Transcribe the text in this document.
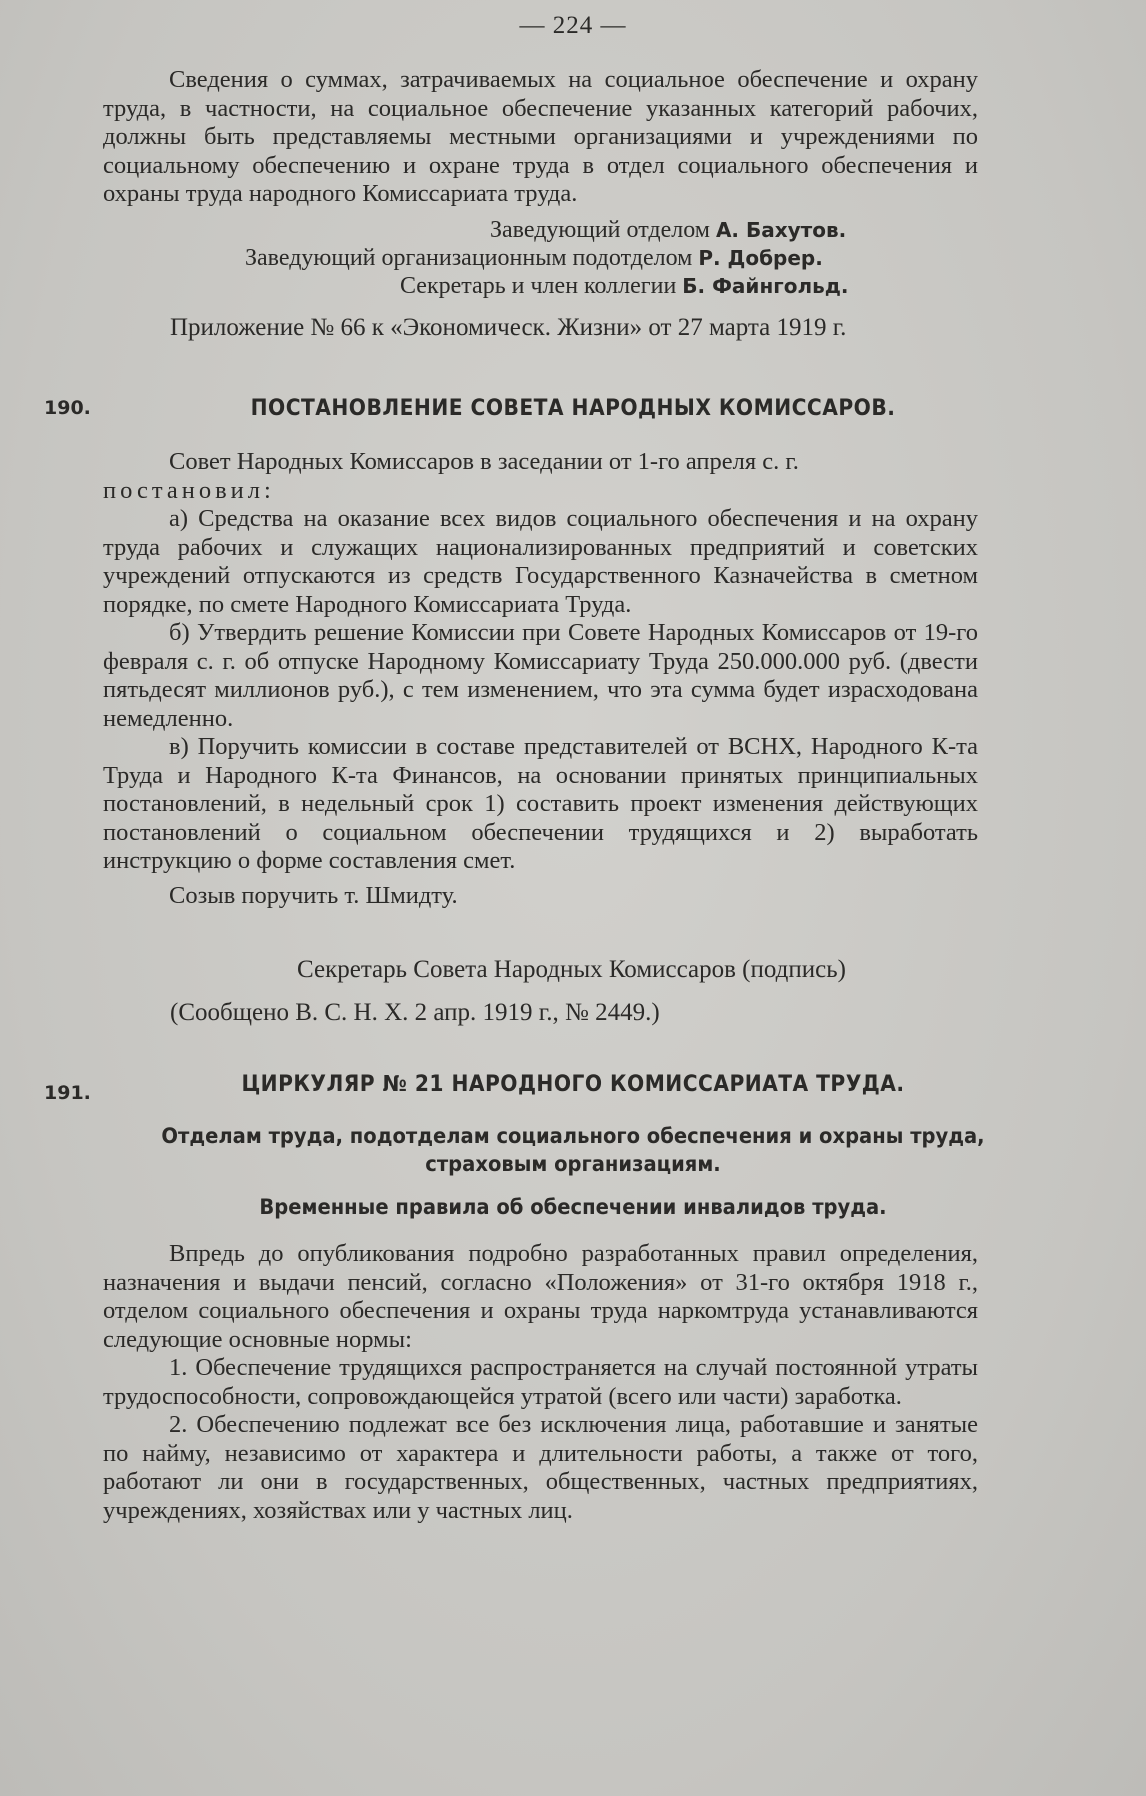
— 224 —

Сведения о суммах, затрачиваемых на социальное обеспечение и охрану труда, в частности, на социальное обеспечение указанных категорий рабочих, должны быть представляемы местными организациями и учреждениями по социальному обеспечению и охране труда в отдел социального обеспечения и охраны труда народного Комиссариата труда.

Заведующий отделом А. Бахутов.

Заведующий организационным подотделом Р. Добрер.

Секретарь и член коллегии Б. Файнгольд.

Приложение № 66 к «Экономическ. Жизни» от 27 марта 1919 г.

190.	ПОСТАНОВЛЕНИЕ СОВЕТА НАРОДНЫХ КОМИССАРОВ.

Совет Народных Комиссаров в заседании от 1-го апреля с. г.

постановил:

а) Средства на оказание всех видов социального обеспечения и на охрану труда рабочих и служащих национализированных предприятий и советских учреждений отпускаются из средств Государственного Казначейства в сметном порядке, по смете Народного Комиссариата Труда.

б) Утвердить решение Комиссии при Совете Народных Комиссаров от 19-го февраля с. г. об отпуске Народному Комиссариату Труда 250.000.000 руб. (двести пятьдесят миллионов руб.), с тем изменением, что эта сумма будет израсходована немедленно.

в) Поручить комиссии в составе представителей от ВСНХ, Народного К-та Труда и Народного К-та Финансов, на основании принятых принципиальных постановлений, в недельный срок 1) составить проект изменения действующих постановлений о социальном обеспечении трудящихся и 2) выработать инструкцию о форме составления смет.

Созыв поручить т. Шмидту.

Секретарь Совета Народных Комиссаров (подпись)

(Сообщено В. С. Н. Х. 2 апр. 1919 г., № 2449.)

191.	ЦИРКУЛЯР № 21 НАРОДНОГО КОМИССАРИАТА ТРУДА.
Отделам труда, подотделам социального обеспечения и охраны труда,
страховым организациям.
Временные правила об обеспечении инвалидов труда.

Впредь до опубликования подробно разработанных правил определения, назначения и выдачи пенсий, согласно «Положения» от 31-го октября 1918 г., отделом социального обеспечения и охраны труда наркомтруда устанавливаются следующие основные нормы:

1. Обеспечение трудящихся распространяется на случай постоянной утраты трудоспособности, сопровождающейся утратой (всего или части) заработка.

2. Обеспечению подлежат все без исключения лица, работавшие и занятые по найму, независимо от характера и длительности работы, а также от того, работают ли они в государственных, общественных, частных предприятиях, учреждениях, хозяйствах или у частных лиц.
